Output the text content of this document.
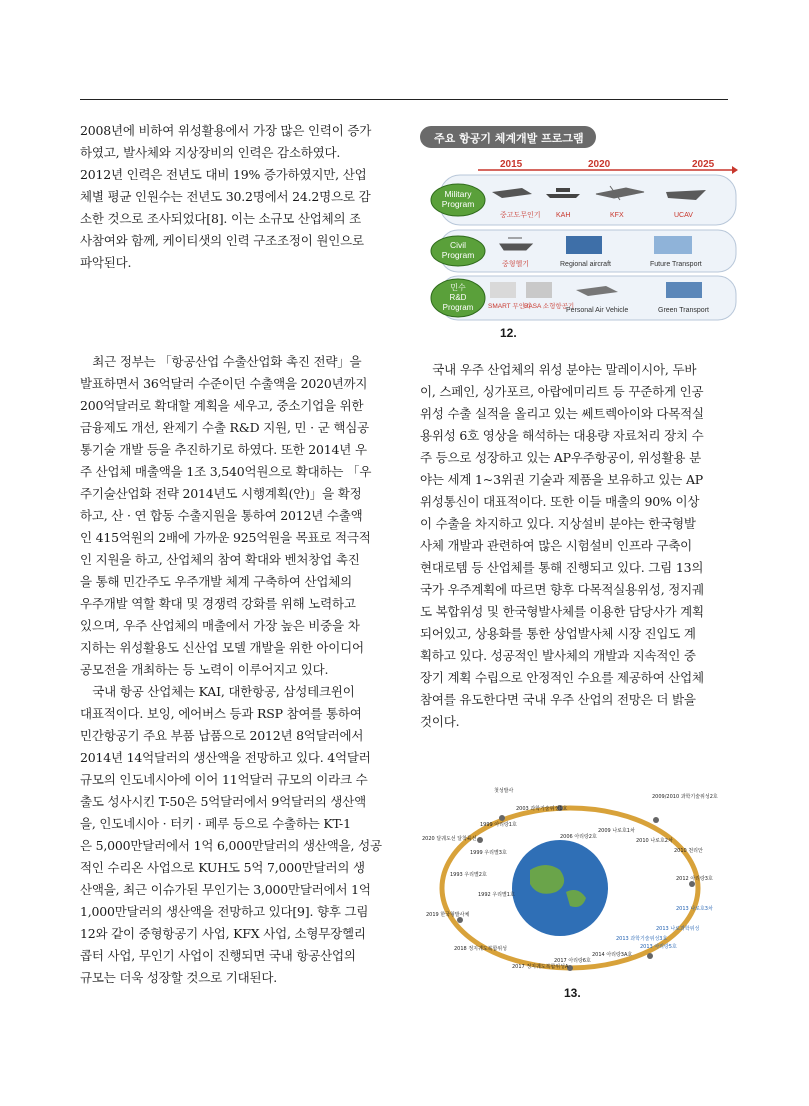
2008년에 비하여 위성활용에서 가장 많은 인력이 증가
하였고, 발사체와 지상장비의 인력은 감소하였다.
2012년 인력은 전년도 대비 19% 증가하였지만, 산업
체별 평균 인원수는 전년도 30.2명에서 24.2명으로 감
소한 것으로 조사되었다[8]. 이는 소규모 산업체의 조
사참여와 함께, 케이티샛의 인력 구조조정이 원인으로
파악된다.
　최근 정부는 「항공산업 수출산업화 촉진 전략」을
발표하면서 36억달러 수준이던 수출액을 2020년까지
200억달러로 확대할 계획을 세우고, 중소기업을 위한
금융제도 개선, 완제기 수출 R&D 지원, 민 · 군 핵심공
통기술 개발 등을 추진하기로 하였다. 또한 2014년 우
주 산업체 매출액을 1조 3,540억원으로 확대하는 「우
주기술산업화 전략 2014년도 시행계획(안)」을 확정
하고, 산 · 연 합동 수출지원을 통하여 2012년 수출액
인 415억원의 2배에 가까운 925억원을 목표로 적극적
인 지원을 하고, 산업체의 참여 확대와 벤처창업 촉진
을 통해 민간주도 우주개발 체계 구축하여 산업체의
우주개발 역할 확대 및 경쟁력 강화를 위해 노력하고
있으며, 우주 산업체의 매출에서 가장 높은 비중을 차
지하는 위성활용도 신산업 모델 개발을 위한 아이디어
공모전을 개최하는 등 노력이 이루어지고 있다.
　국내 항공 산업체는 KAI, 대한항공, 삼성테크윈이
대표적이다. 보잉, 에어버스 등과 RSP 참여를 통하여
민간항공기 주요 부품 납품으로 2012년 8억달러에서
2014년 14억달러의 생산액을 전망하고 있다. 4억달러
규모의 인도네시아에 이어 11억달러 규모의 이라크 수
출도 성사시킨 T-50은 5억달러에서 9억달러의 생산액
을, 인도네시아 · 터키 · 페루 등으로 수출하는 KT-1
은 5,000만달러에서 1억 6,000만달러의 생산액을, 성공
적인 수리온 사업으로 KUH도 5억 7,000만달러의 생
산액을, 최근 이슈가된 무인기는 3,000만달러에서 1억
1,000만달러의 생산액을 전망하고 있다[9]. 향후 그림
12와 같이 중형항공기 사업, KFX 사업, 소형무장헬리
콥터 사업, 무인기 사업이 진행되면 국내 항공산업의
규모는 더욱 성장할 것으로 기대된다.
　국내 우주 산업체의 위성 분야는 말레이시아, 두바
이, 스페인, 싱가포르, 아랍에미리트 등 꾸준하게 인공
위성 수출 실적을 올리고 있는 쎄트렉아이와 다목적실
용위성 6호 영상을 해석하는 대용량 자료처리 장치 수
주 등으로 성장하고 있는 AP우주항공이, 위성활용 분
야는 세계 1~3위권 기술과 제품을 보유하고 있는 AP
위성통신이 대표적이다. 또한 이들 매출의 90% 이상
이 수출을 차지하고 있다. 지상설비 분야는 한국형발
사체 개발과 관련하여 많은 시험설비 인프라 구축이
현대로템 등 산업체를 통해 진행되고 있다. 그림 13의
국가 우주계획에 따르면 향후 다목적실용위성, 정지궤
도 복합위성 및 한국형발사체를 이용한 담당사가 계획
되어있고, 상용화를 통한 상업발사체 시장 진입도 계
획하고 있다. 성공적인 발사체의 개발과 지속적인 중
장기 계획 수립으로 안정적인 수요를 제공하여 산업체
참여를 유도한다면 국내 우주 산업의 전망은 더 밝을
것이다.
주요 항공기 체계개발 프로그램
2015	2020	2025
Military
Program
중고도무인기 KAH	KFX	UCAV
Civil
Program
중형헬기	Regional aircraft	Future Transport
민수
R&D
Program SMART 무인기
BASA 소형항공기
Personal Air Vehicle	Green Transport
12.
첫성발사
2003 과학기술위성1호
1999 아리랑1호
2006 아리랑2호
2009 나로호1차
2009/2010 과학기술위성2호
2010 나로호2차
2010 천리안
2012 아리랑3호
2013 나로호3차
2013 나로과학위성
2013 아리랑5호
2013 과학기술위성3호
2014 아리랑3A호
2017 아리랑6호
2017 정지궤도복합위성A
2018 정지궤도복합위성
2019 한국형발사체
1992 우리별1호
1993 우리별2호
1999 우리별3호
2020 달궤도선 달착륙선
13.
